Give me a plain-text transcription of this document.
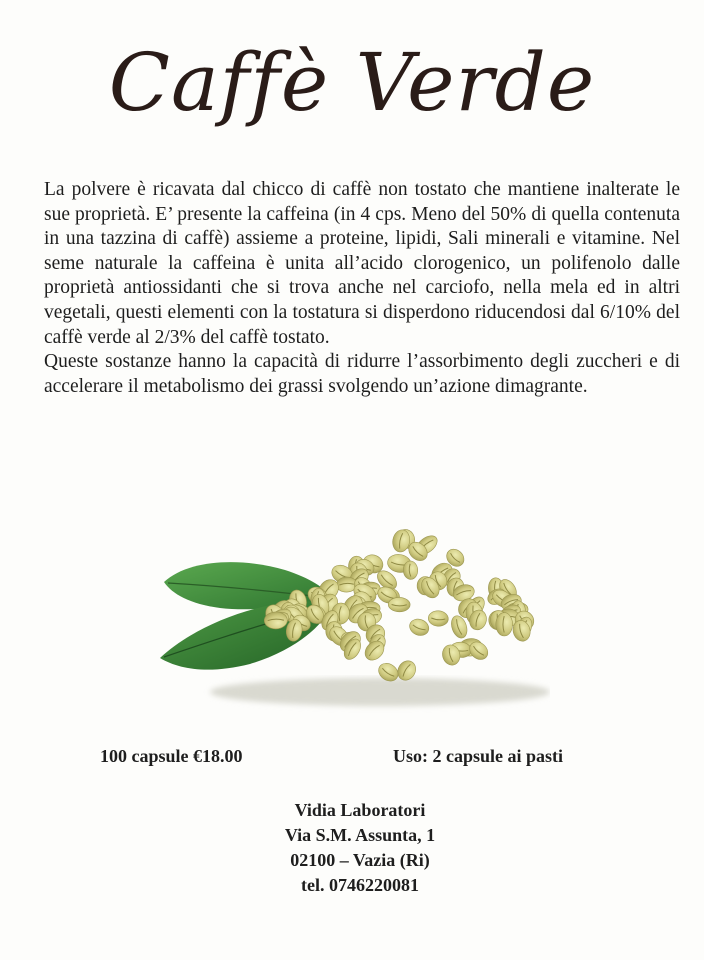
Caffè Verde

La polvere è ricavata dal chicco di caffè non tostato che mantiene inalterate le sue proprietà. E’ presente la caffeina (in 4 cps. Meno del 50% di quella contenuta in una tazzina di caffè) assieme a proteine, lipidi, Sali minerali e vitamine. Nel seme naturale la caffeina è unita all’acido clorogenico, un polifenolo dalle proprietà antiossidanti che si trova anche nel carciofo, nella mela ed in altri vegetali, questi elementi con la tostatura si disperdono riducendosi dal 6/10% del caffè verde al 2/3% del caffè tostato.

Queste sostanze hanno la capacità di ridurre l’assorbimento degli zuccheri e di accelerare il metabolismo dei grassi svolgendo un’azione dimagrante.

100 capsule €18.00	Uso: 2 capsule ai pasti
Vidia Laboratori
Via S.M. Assunta, 1
02100 – Vazia (Ri)
tel. 0746220081
